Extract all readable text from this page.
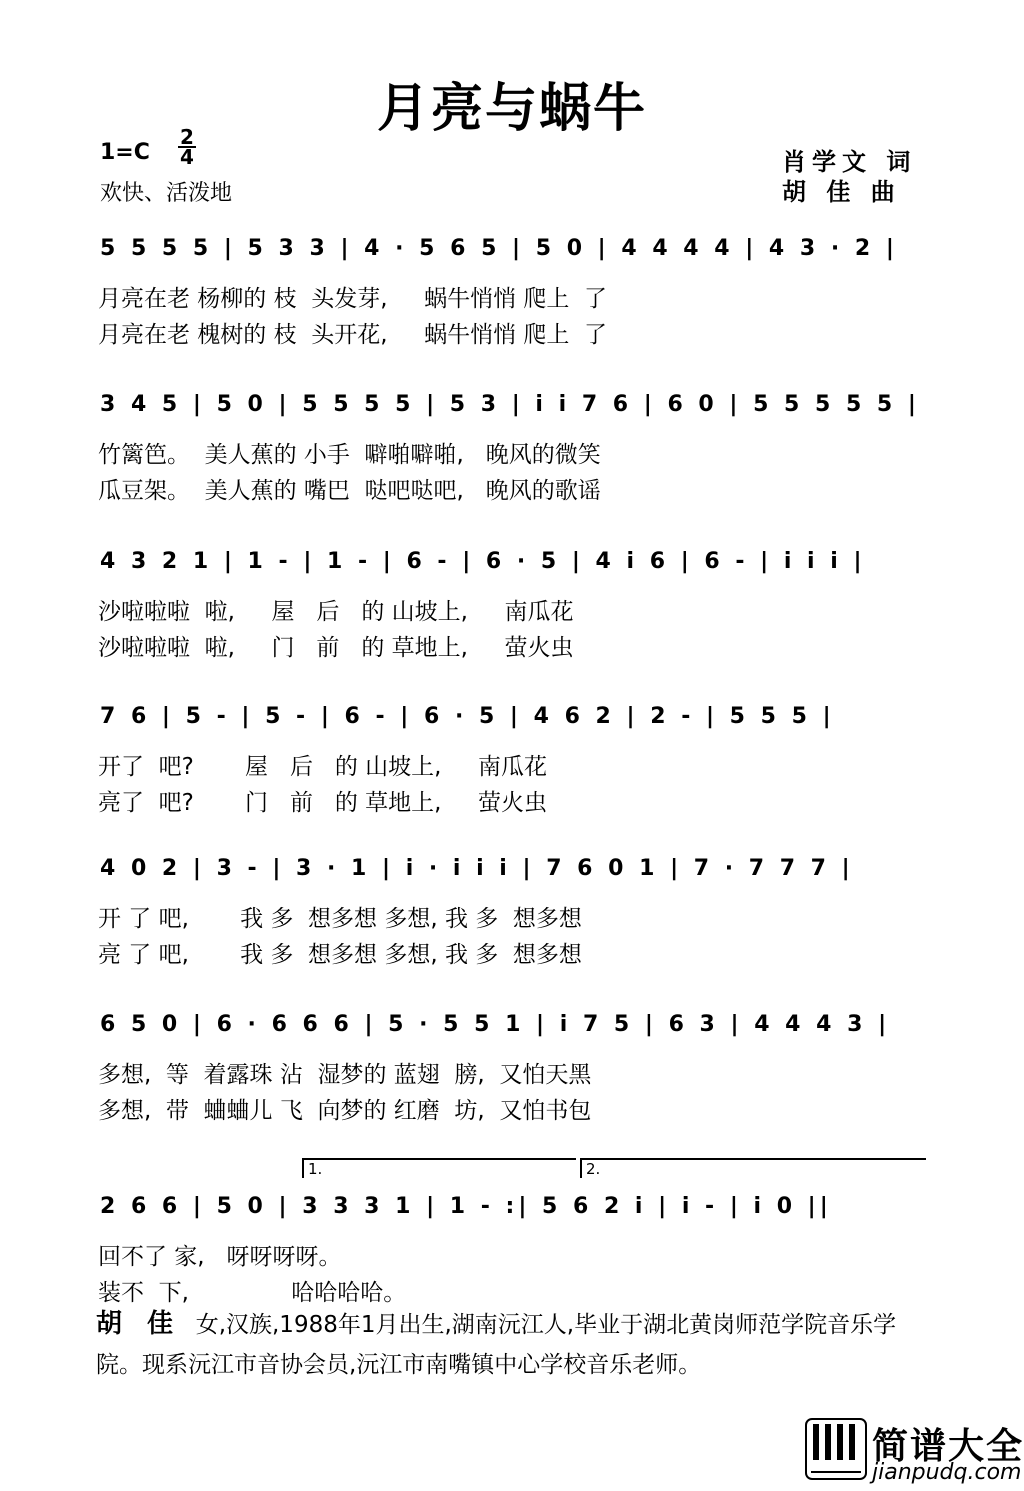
月亮与蜗牛
1=C
2
4
欢快、活泼地
肖学文 词
胡 佳 曲
5 5 5 5 | 5 3 3 | 4 · 5 6 5 | 5 0 | 4 4 4 4 | 4 3 · 2 |
月亮在老 杨柳的 枝  头发芽,     蜗牛悄悄 爬上  了
月亮在老 槐树的 枝  头开花,     蜗牛悄悄 爬上  了
3 4 5 | 5 0 | 5 5 5 5 | 5 3 | i i 7 6 | 6 0 | 5 5 5 5 5 |
竹篱笆。  美人蕉的 小手  噼啪噼啪,   晚风的微笑
瓜豆架。  美人蕉的 嘴巴  哒吧哒吧,   晚风的歌谣
4 3 2 1 | 1 - | 1 - | 6 - | 6 · 5 | 4 i 6 | 6 - | i i i |
沙啦啦啦  啦,     屋   后   的 山坡上,     南瓜花
沙啦啦啦  啦,     门   前   的 草地上,     萤火虫
7 6 | 5 - | 5 - | 6 - | 6 · 5 | 4 6 2 | 2 - | 5 5 5 |
开了  吧?       屋   后   的 山坡上,     南瓜花
亮了  吧?       门   前   的 草地上,     萤火虫
4 0 2 | 3 - | 3 · 1 | i · i i i | 7 6 0 1 | 7 · 7 7 7 |
开 了 吧,       我 多  想多想 多想, 我 多  想多想
亮 了 吧,       我 多  想多想 多想, 我 多  想多想
6 5 0 | 6 · 6 6 6 | 5 · 5 5 1 | i 7 5 | 6 3 | 4 4 4 3 |
多想,  等  着露珠 沾  湿梦的 蓝翅  膀,  又怕天黑
多想,  带  蛐蛐儿 飞  向梦的 红磨  坊,  又怕书包
2 6 6 | 5 0 | 3 3 3 1 | 1 - :| 5 6 2 i | i - | i 0 ||
回不了 家,   呀呀呀呀。
装不  下,              哈哈哈哈。
1.	2.
胡 佳 女,汉族,1988年1月出生,湖南沅江人,毕业于湖北黄岗师范学院音乐学院。现系沅江市音协会员,沅江市南嘴镇中心学校音乐老师。
简谱大全
jianpudq.com
